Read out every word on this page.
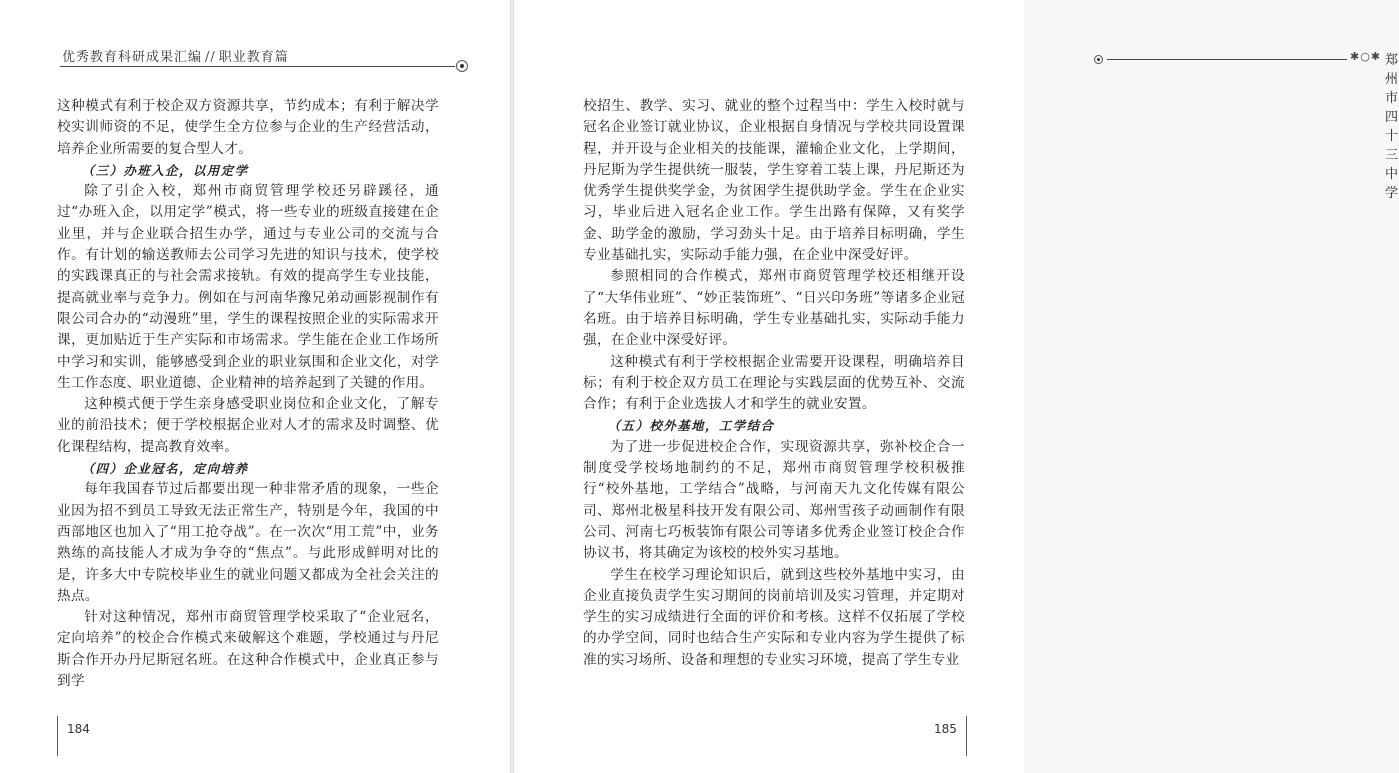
优秀教育科研成果汇编 // 职业教育篇

这种模式有利于校企双方资源共享，节约成本；有利于解决学校实训师资的不足，使学生全方位参与企业的生产经营活动，培养企业所需要的复合型人才。

（三）办班入企，以用定学

除了引企入校，郑州市商贸管理学校还另辟蹊径，通过“办班入企，以用定学”模式，将一些专业的班级直接建在企业里，并与企业联合招生办学，通过与专业公司的交流与合作。有计划的输送教师去公司学习先进的知识与技术，使学校的实践课真正的与社会需求接轨。有效的提高学生专业技能，提高就业率与竞争力。例如在与河南华豫兄弟动画影视制作有限公司合办的“动漫班”里，学生的课程按照企业的实际需求开课，更加贴近于生产实际和市场需求。学生能在企业工作场所中学习和实训，能够感受到企业的职业氛围和企业文化，对学生工作态度、职业道德、企业精神的培养起到了关键的作用。

这种模式便于学生亲身感受职业岗位和企业文化，了解专业的前沿技术；便于学校根据企业对人才的需求及时调整、优化课程结构，提高教育效率。

（四）企业冠名，定向培养

每年我国春节过后都要出现一种非常矛盾的现象，一些企业因为招不到员工导致无法正常生产，特别是今年，我国的中西部地区也加入了“用工抢夺战”。在一次次“用工荒”中，业务熟练的高技能人才成为争夺的“焦点”。与此形成鲜明对比的是，许多大中专院校毕业生的就业问题又都成为全社会关注的热点。

针对这种情况，郑州市商贸管理学校采取了“企业冠名，定向培养”的校企合作模式来破解这个难题，学校通过与丹尼斯合作开办丹尼斯冠名班。在这种合作模式中，企业真正参与到学

184
✱○✱ 郑州市四十三中学

校招生、教学、实习、就业的整个过程当中：学生入校时就与冠名企业签订就业协议，企业根据自身情况与学校共同设置课程，并开设与企业相关的技能课，灌输企业文化，上学期间，丹尼斯为学生提供统一服装，学生穿着工装上课，丹尼斯还为优秀学生提供奖学金，为贫困学生提供助学金。学生在企业实习，毕业后进入冠名企业工作。学生出路有保障，又有奖学金、助学金的激励，学习劲头十足。由于培养目标明确，学生专业基础扎实，实际动手能力强，在企业中深受好评。

参照相同的合作模式，郑州市商贸管理学校还相继开设了“大华伟业班”、“妙正装饰班”、“日兴印务班”等诸多企业冠名班。由于培养目标明确，学生专业基础扎实，实际动手能力强，在企业中深受好评。

这种模式有利于学校根据企业需要开设课程，明确培养目标；有利于校企双方员工在理论与实践层面的优势互补、交流合作；有利于企业选拔人才和学生的就业安置。

（五）校外基地，工学结合

为了进一步促进校企合作，实现资源共享，弥补校企合一制度受学校场地制约的不足，郑州市商贸管理学校积极推行“校外基地，工学结合”战略，与河南天九文化传媒有限公司、郑州北极星科技开发有限公司、郑州雪孩子动画制作有限公司、河南七巧板装饰有限公司等诸多优秀企业签订校企合作协议书，将其确定为该校的校外实习基地。

学生在校学习理论知识后，就到这些校外基地中实习，由企业直接负责学生实习期间的岗前培训及实习管理，并定期对学生的实习成绩进行全面的评价和考核。这样不仅拓展了学校的办学空间，同时也结合生产实际和专业内容为学生提供了标准的实习场所、设备和理想的专业实习环境，提高了学生专业

185
